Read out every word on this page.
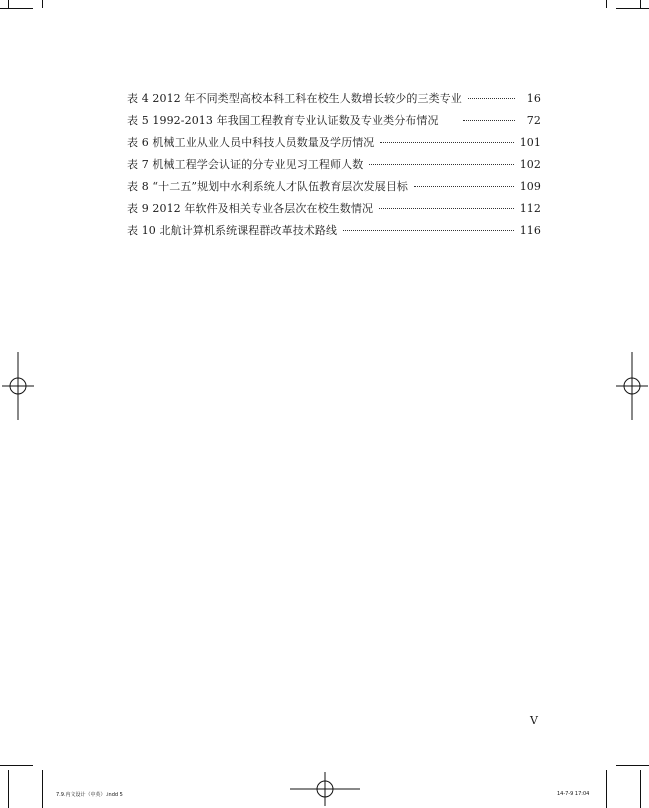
表 4 2012 年不同类型高校本科工科在校生人数增长较少的三类专业	16
表 5 1992-2013 年我国工程教育专业认证数及专业类分布情况	72
表 6 机械工业从业人员中科技人员数量及学历情况	101
表 7 机械工程学会认证的分专业见习工程师人数	102
表 8 “十二五”规划中水利系统人才队伍教育层次发展目标	109
表 9 2012 年软件及相关专业各层次在校生数情况	112
表 10 北航计算机系统课程群改革技术路线	116
V
7.9.内文设计（中英）.indd 5	14-7-9 17:04
